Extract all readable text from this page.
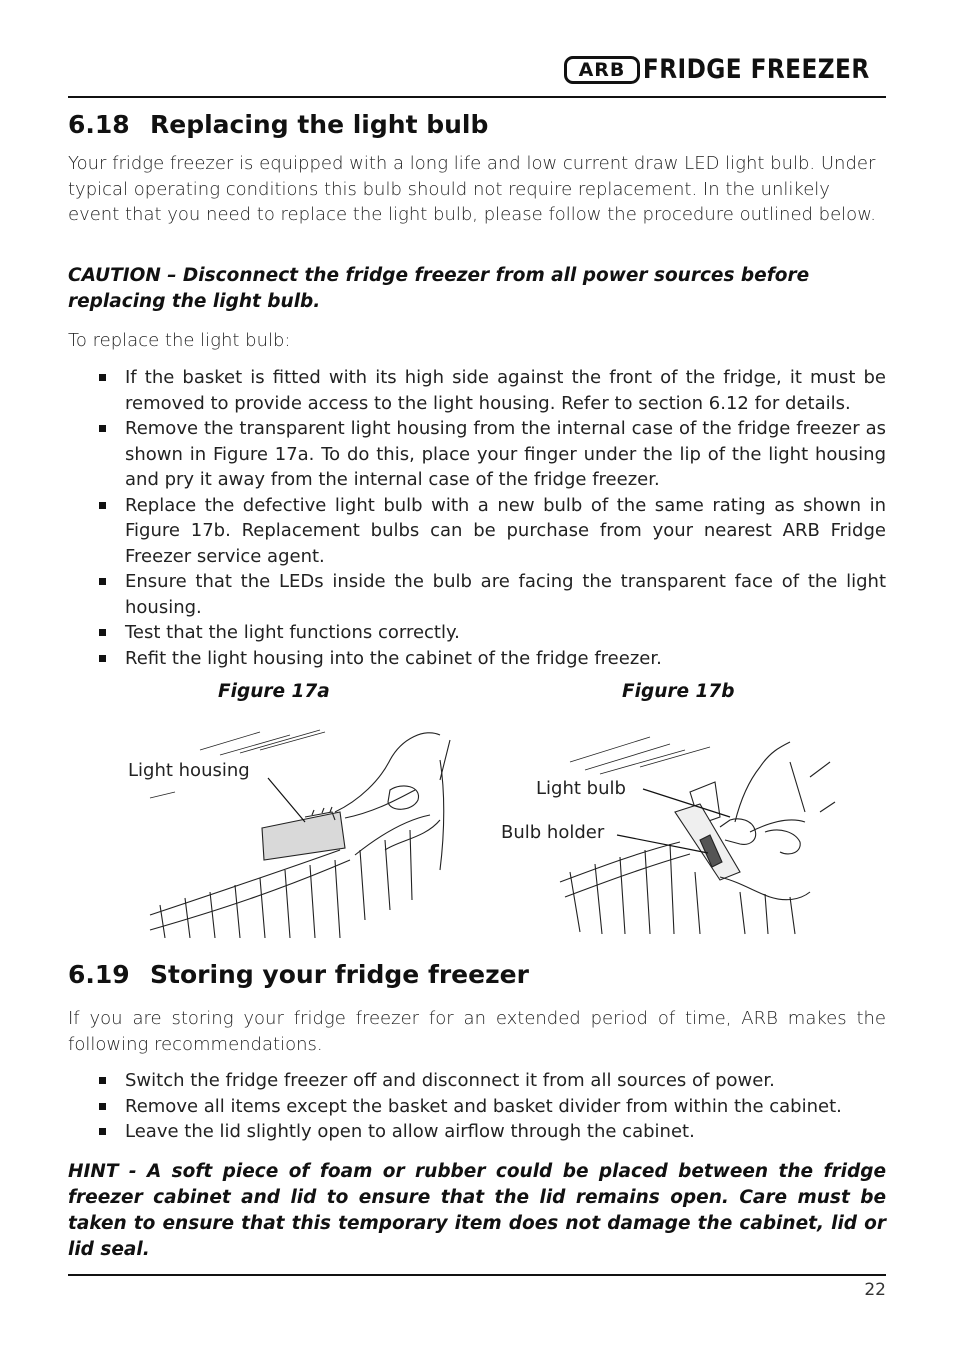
ARB FRIDGE FREEZER
6.18 Replacing the light bulb

Your fridge freezer is equipped with a long life and low current draw LED light bulb. Under typical operating conditions this bulb should not require replacement. In the unlikely event that you need to replace the light bulb, please follow the procedure outlined below.

CAUTION – Disconnect the fridge freezer from all power sources before replacing the light bulb.

To replace the light bulb:

If the basket is fitted with its high side against the front of the fridge, it must be removed to provide access to the light housing. Refer to section 6.12 for details.
Remove the transparent light housing from the internal case of the fridge freezer as shown in Figure 17a. To do this, place your finger under the lip of the light housing and pry it away from the internal case of the fridge freezer.
Replace the defective light bulb with a new bulb of the same rating as shown in Figure 17b. Replacement bulbs can be purchase from your nearest ARB Fridge Freezer service agent.
Ensure that the LEDs inside the bulb are facing the transparent face of the light housing.
Test that the light functions correctly.
Refit the light housing into the cabinet of the fridge freezer.
Figure 17a	Figure 17b
Light housing
Light bulb
Bulb holder
6.19 Storing your fridge freezer

If you are storing your fridge freezer for an extended period of time, ARB makes the following recommendations.

Switch the fridge freezer off and disconnect it from all sources of power.
Remove all items except the basket and basket divider from within the cabinet.
Leave the lid slightly open to allow airflow through the cabinet.

HINT - A soft piece of foam or rubber could be placed between the fridge freezer cabinet and lid to ensure that the lid remains open. Care must be taken to ensure that this temporary item does not damage the cabinet, lid or lid seal.

22
